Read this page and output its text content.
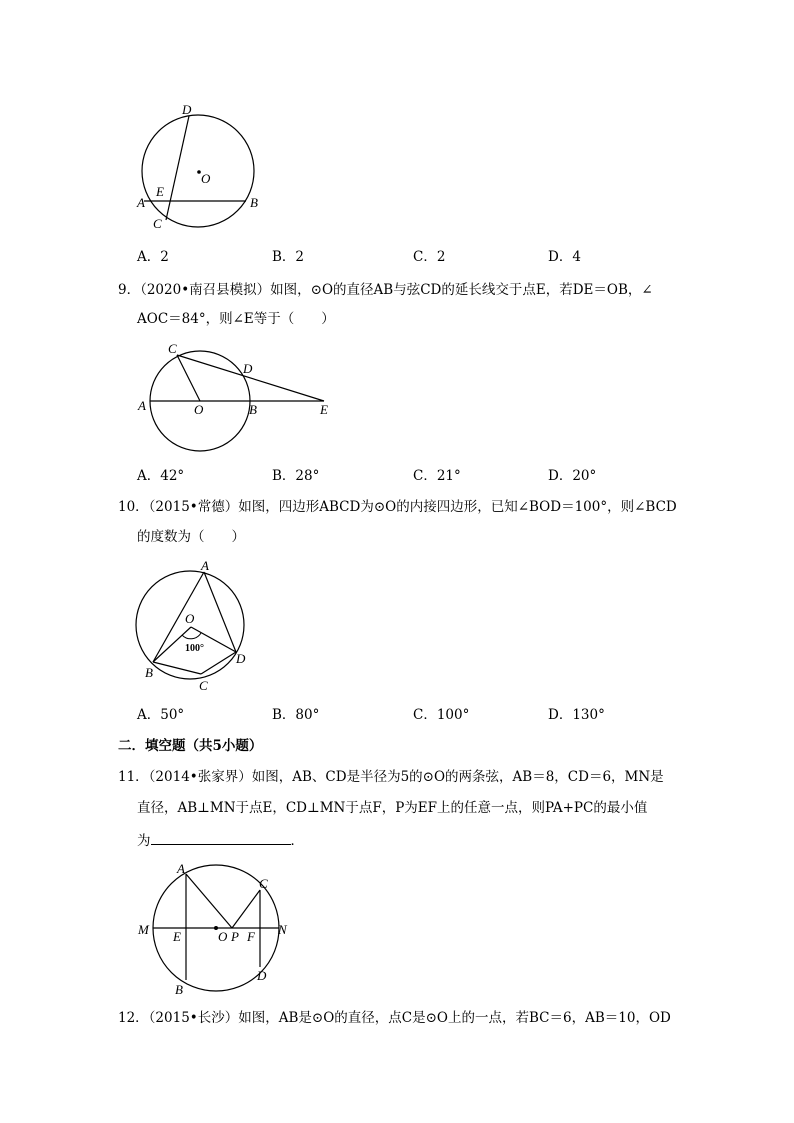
D
O
E
A	B
C
A．2	B．2	C．2	D．4
9．（2020•南召县模拟）如图，⊙O的直径AB与弦CD的延长线交于点E，若DE＝OB，∠
AOC＝84°，则∠E等于（　　）
C
D
A	O	B	E
A．42°	B．28°	C．21°	D．20°
10．（2015•常德）如图，四边形ABCD为⊙O的内接四边形，已知∠BOD＝100°，则∠BCD
的度数为（　　）
A
O
100°
D
B
C
A．50°	B．80°	C．100°	D．130°
二．填空题（共5小题）
11．（2014•张家界）如图，AB、CD是半径为5的⊙O的两条弦，AB＝8，CD＝6，MN是
直径，AB⊥MN于点E，CD⊥MN于点F，P为EF上的任意一点，则PA+PC的最小值
为	．
A
C
M E	O P F N
B
D
12．（2015•长沙）如图，AB是⊙O的直径，点C是⊙O上的一点，若BC＝6，AB＝10，OD
